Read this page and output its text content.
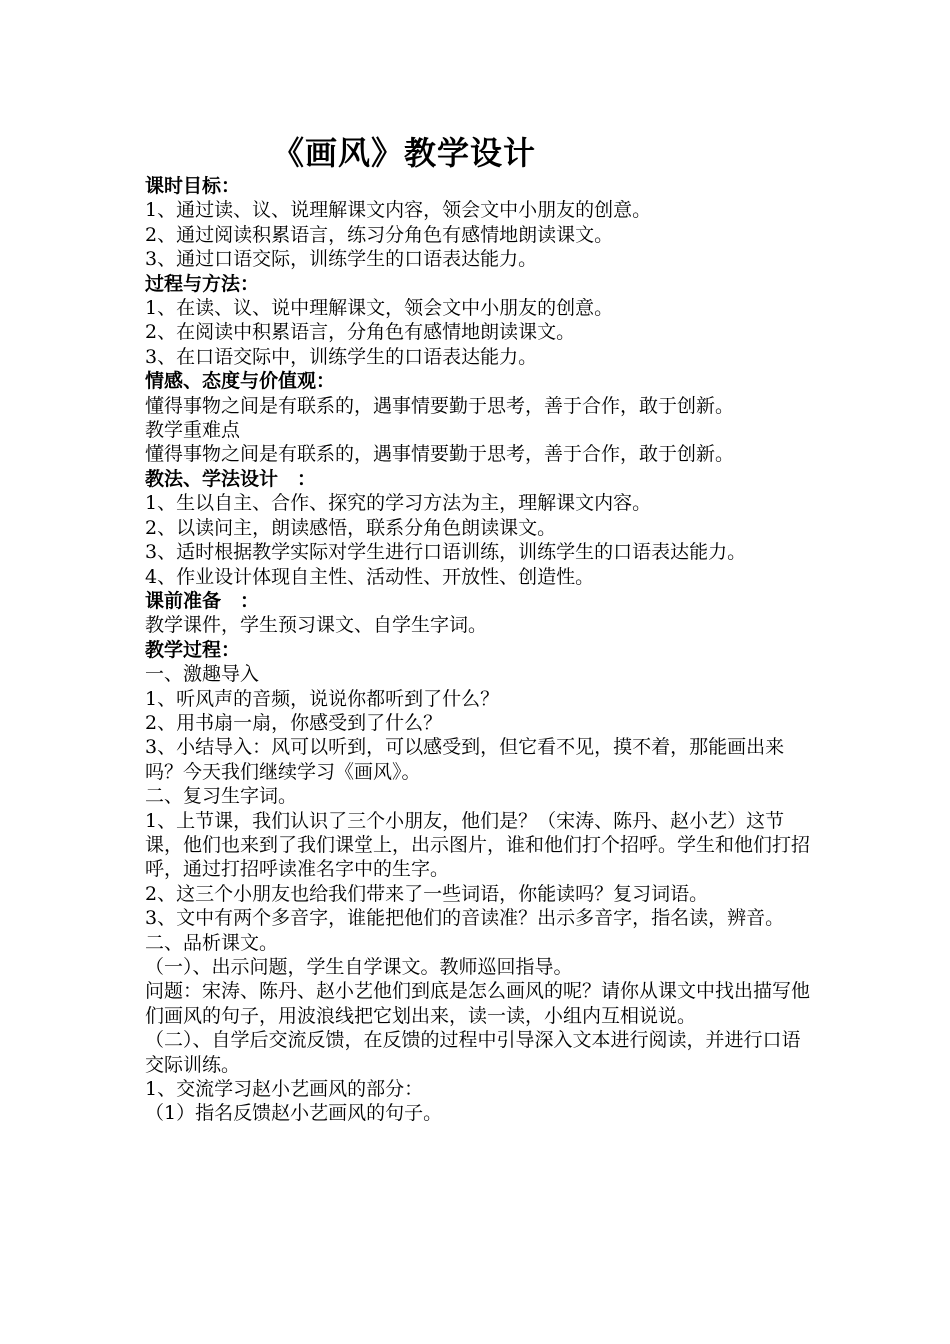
《画风》教学设计
课时目标：
1、通过读、议、说理解课文内容，领会文中小朋友的创意。
2、通过阅读积累语言，练习分角色有感情地朗读课文。
3、通过口语交际，训练学生的口语表达能力。
过程与方法：
1、在读、议、说中理解课文，领会文中小朋友的创意。
2、在阅读中积累语言，分角色有感情地朗读课文。
3、在口语交际中，训练学生的口语表达能力。
情感、态度与价值观：
懂得事物之间是有联系的，遇事情要勤于思考，善于合作，敢于创新。
教学重难点
懂得事物之间是有联系的，遇事情要勤于思考，善于合作，敢于创新。
教法、学法设计　：
1、生以自主、合作、探究的学习方法为主，理解课文内容。
2、以读问主，朗读感悟，联系分角色朗读课文。
3、适时根据教学实际对学生进行口语训练，训练学生的口语表达能力。
4、作业设计体现自主性、活动性、开放性、创造性。
课前准备　：
教学课件，学生预习课文、自学生字词。
教学过程：
一、激趣导入
1、听风声的音频，说说你都听到了什么？
2、用书扇一扇，你感受到了什么？
3、小结导入：风可以听到，可以感受到，但它看不见，摸不着，那能画出来吗？今天我们继续学习《画风》。
二、复习生字词。
1、上节课，我们认识了三个小朋友，他们是？（宋涛、陈丹、赵小艺）这节课，他们也来到了我们课堂上，出示图片，谁和他们打个招呼。学生和他们打招呼，通过打招呼读准名字中的生字。
2、这三个小朋友也给我们带来了一些词语，你能读吗？复习词语。
3、文中有两个多音字，谁能把他们的音读准？出示多音字，指名读，辨音。
二、品析课文。
（一）、出示问题，学生自学课文。教师巡回指导。
问题：宋涛、陈丹、赵小艺他们到底是怎么画风的呢？请你从课文中找出描写他们画风的句子，用波浪线把它划出来，读一读，小组内互相说说。
（二）、自学后交流反馈，在反馈的过程中引导深入文本进行阅读，并进行口语交际训练。
1、交流学习赵小艺画风的部分：
（1）指名反馈赵小艺画风的句子。
